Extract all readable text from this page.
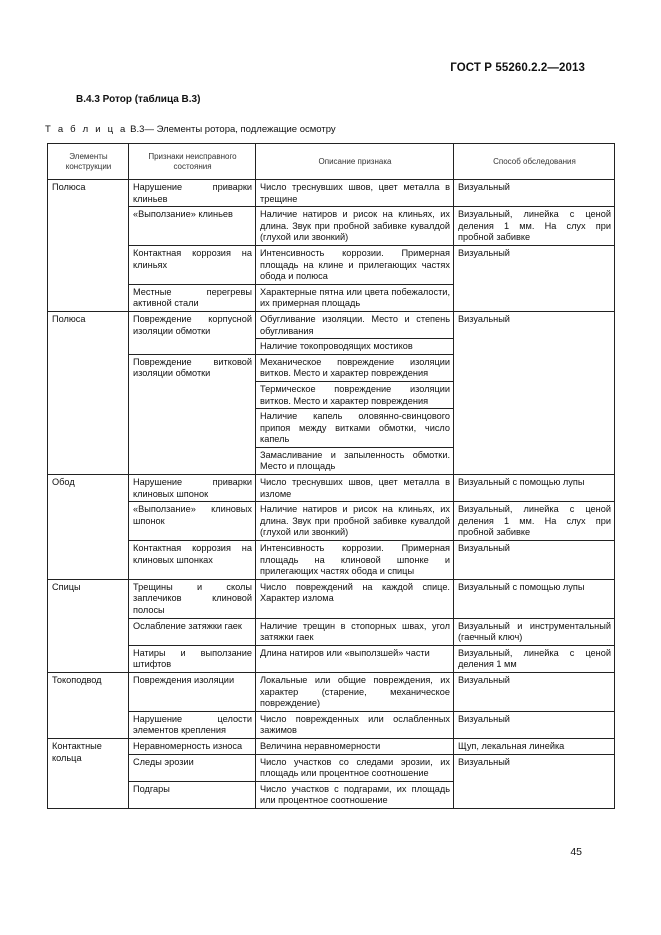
ГОСТ Р 55260.2.2—2013
В.4.3 Ротор (таблица В.3)
Т а б л и ц а В.3— Элементы ротора, подлежащие осмотру
Элементы конструкции	Признаки неисправного состояния	Описание признака	Способ обследования
Полюса	Нарушение приварки клиньев	Число треснувших швов, цвет металла в трещине	Визуальный
	«Выползание» клиньев	Наличие натиров и рисок на клиньях, их длина. Звук при пробной забивке кувалдой (глухой или звонкий)	Визуальный, линейка с ценой деления 1 мм. На слух при пробной забивке
	Контактная коррозия на клиньях	Интенсивность коррозии. Примерная площадь на клине и прилегающих частях обода и полюса	Визуальный
	Местные перегревы активной стали	Характерные пятна или цвета побежалости, их примерная площадь	
Полюса	Повреждение корпусной изоляции обмотки	Обугливание изоляции. Место и степень обугливания	Визуальный
		Наличие токопроводящих мостиков	
	Повреждение витковой изоляции обмотки	Механическое повреждение изоляции витков. Место и характер повреждения	
		Термическое повреждение изоляции витков. Место и характер повреждения	
		Наличие капель оловянно-свинцового припоя между витками обмотки, число капель	
		Замасливание и запыленность обмотки. Место и площадь	
Обод	Нарушение приварки клиновых шпонок	Число треснувших швов, цвет металла в изломе	Визуальный с помощью лупы
	«Выползание» клиновых шпонок	Наличие натиров и рисок на клиньях, их длина. Звук при пробной забивке кувалдой (глухой или звонкий)	Визуальный, линейка с ценой деления 1 мм. На слух при пробной забивке
	Контактная коррозия на клиновых шпонках	Интенсивность коррозии. Примерная площадь на клиновой шпонке и прилегающих частях обода и спицы	Визуальный
Спицы	Трещины и сколы заплечиков клиновой полосы	Число повреждений на каждой спице. Характер излома	Визуальный с помощью лупы
	Ослабление затяжки гаек	Наличие трещин в стопорных швах, угол затяжки гаек	Визуальный и инструментальный (гаечный ключ)
	Натиры и выползание штифтов	Длина натиров или «выползшей» части	Визуальный, линейка с ценой деления 1 мм
Токоподвод	Повреждения изоляции	Локальные или общие повреждения, их характер (старение, механическое повреждение)	Визуальный
	Нарушение целости элементов крепления	Число поврежденных или ослабленных зажимов	Визуальный
Контактные кольца	Неравномерность износа	Величина неравномерности	Щуп, лекальная линейка
	Следы эрозии	Число участков со следами эрозии, их площадь или процентное соотношение	Визуальный
	Подгары	Число участков с подгарами, их площадь или процентное соотношение	
45
